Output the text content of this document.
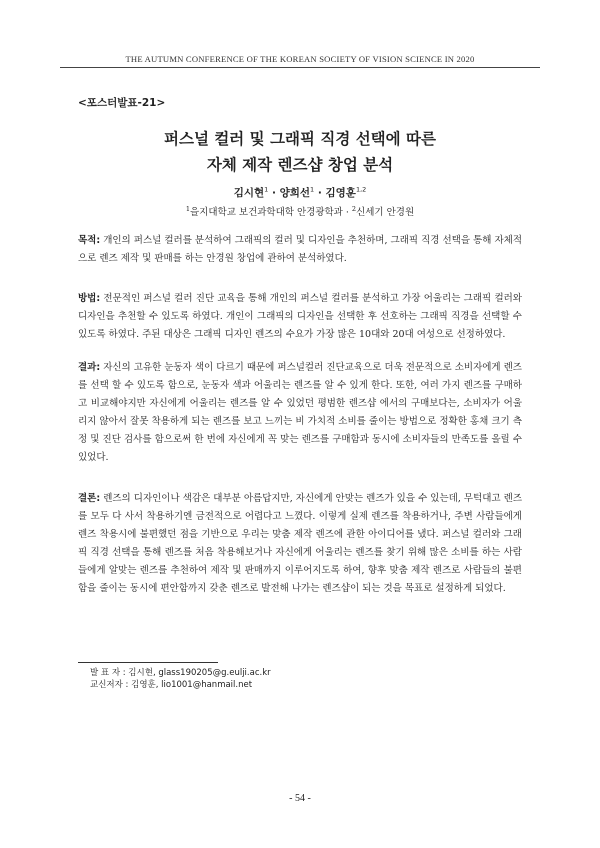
THE AUTUMN CONFERENCE OF THE KOREAN SOCIETY OF VISION SCIENCE IN 2020
<포스터발표-21>
퍼스널 컬러 및 그래픽 직경 선택에 따른
자체 제작 렌즈샵 창업 분석
김시현$^1$ · 양희선$^1$ · 김영훈$^{1,2}$
$^1$을지대학교 보건과학대학 안경광학과 · $^2$신세기 안경원
목적: 개인의 퍼스널 컬러를 분석하여 그래픽의 컬러 및 디자인을 추천하며, 그래픽 직경 선택을 통해 자체적으로 렌즈 제작 및 판매를 하는 안경원 창업에 관하여 분석하였다.
방법: 전문적인 퍼스널 컬러 진단 교육을 통해 개인의 퍼스널 컬러를 분석하고 가장 어울리는 그래픽 컬러와 디자인을 추천할 수 있도록 하였다. 개인이 그래픽의 디자인을 선택한 후 선호하는 그래픽 직경을 선택할 수 있도록 하였다. 주된 대상은 그래픽 디자인 렌즈의 수요가 가장 많은 10대와 20대 여성으로 선정하였다.
결과: 자신의 고유한 눈동자 색이 다르기 때문에 퍼스널컬러 진단교육으로 더욱 전문적으로 소비자에게 렌즈를 선택 할 수 있도록 함으로, 눈동자 색과 어울리는 렌즈를 알 수 있게 한다. 또한, 여러 가지 렌즈를 구매하고 비교해야지만 자신에게 어울리는 렌즈를 알 수 있었던 평범한 렌즈샵 에서의 구매보다는, 소비자가 어울리지 않아서 잘못 착용하게 되는 렌즈를 보고 느끼는 비 가치적 소비를 줄이는 방법으로 정확한 홍채 크기 측정 및 진단 검사를 함으로써 한 번에 자신에게 꼭 맞는 렌즈를 구매함과 동시에 소비자들의 만족도를 올릴 수 있었다.
결론: 렌즈의 디자인이나 색감은 대부분 아름답지만, 자신에게 안맞는 렌즈가 있을 수 있는데, 무턱대고 렌즈를 모두 다 사서 착용하기엔 금전적으로 어렵다고 느꼈다. 이렇게 실제 렌즈를 착용하거나, 주변 사람들에게 렌즈 착용시에 불편했던 점을 기반으로 우리는 맞춤 제작 렌즈에 관한 아이디어를 냈다. 퍼스널 컬러와 그래픽 직경 선택을 통해 렌즈를 처음 착용해보거나 자신에게 어울리는 렌즈를 찾기 위해 많은 소비를 하는 사람들에게 알맞는 렌즈를 추천하여 제작 및 판매까지 이루어지도록 하여, 향후 맞춤 제작 렌즈로 사람들의 불편함을 줄이는 동시에 편안함까지 갖춘 렌즈로 발전해 나가는 렌즈샵이 되는 것을 목표로 설정하게 되었다.
발 표 자 : 김시현, glass190205@g.eulji.ac.kr
교신저자 : 김영훈, lio1001@hanmail.net
- 54 -
